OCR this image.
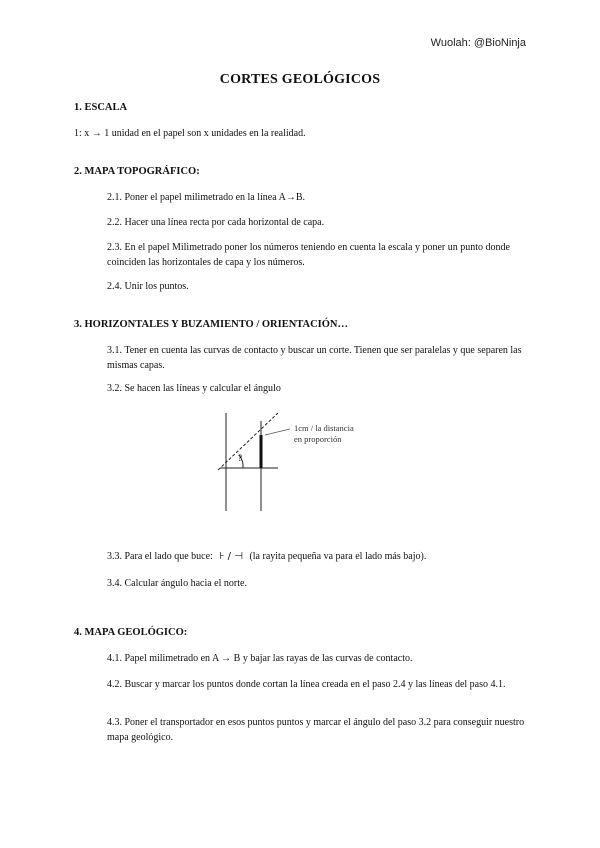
Wuolah: @BioNinja
CORTES GEOLÓGICOS
1. ESCALA
1: x → 1 unidad en el papel son x unidades en la realidad.
2. MAPA TOPOGRÁFICO:
2.1. Poner el papel milimetrado en la línea A→B.
2.2. Hacer una línea recta por cada horizontal de capa.
2.3. En el papel Milimetrado poner los números teniendo en cuenta la escala y poner un punto donde coinciden las horizontales de capa y los números.
2.4. Unir los puntos.
3. HORIZONTALES Y BUZAMIENTO / ORIENTACIÓN…
3.1. Tener en cuenta las curvas de contacto y buscar un corte. Tienen que ser paralelas y que separen las mismas capas.
3.2. Se hacen las líneas y calcular el ángulo
?
1cm / la distancia
en proporción
3.3. Para el lado que buce: ⊦ / ⊣ (la rayita pequeña va para el lado más bajo).
3.4. Calcular ángulo hacia el norte.
4. MAPA GEOLÓGICO:
4.1. Papel milimetrado en A → B y bajar las rayas de las curvas de contacto.
4.2. Buscar y marcar los puntos donde cortan la línea creada en el paso 2.4 y las líneas del paso 4.1.
4.3. Poner el transportador en esos puntos puntos y marcar el ángulo del paso 3.2 para conseguir nuestro mapa geológico.
